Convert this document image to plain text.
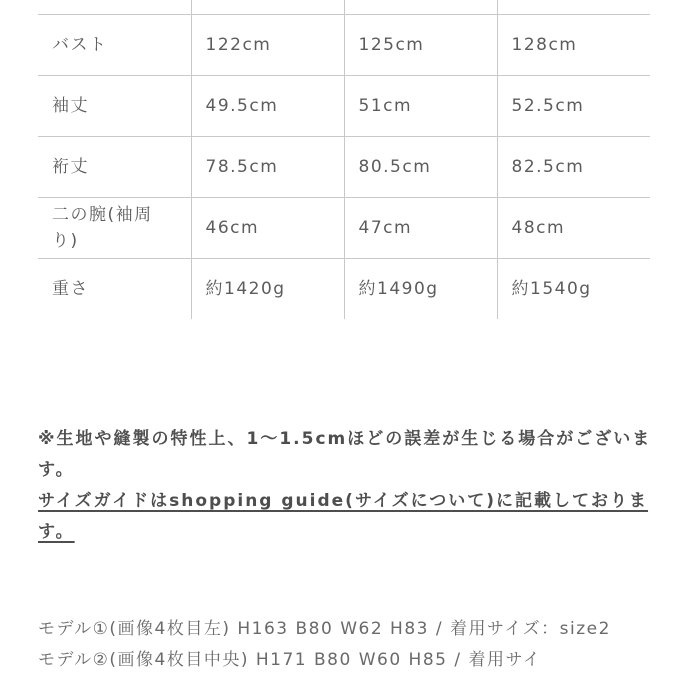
バスト	122cm	125cm	128cm
袖丈	49.5cm	51cm	52.5cm
裄丈	78.5cm	80.5cm	82.5cm
二の腕(袖周り)	46cm	47cm	48cm
重さ	約1420g	約1490g	約1540g

※生地や縫製の特性上、1〜1.5cmほどの誤差が生じる場合がございます。
サイズガイドはshopping guide(サイズについて)に記載しております。

モデル①(画像4枚目左) H163 B80 W62 H83 / 着用サイズ：size2
モデル②(画像4枚目中央) H171 B80 W60 H85 / 着用サイ
